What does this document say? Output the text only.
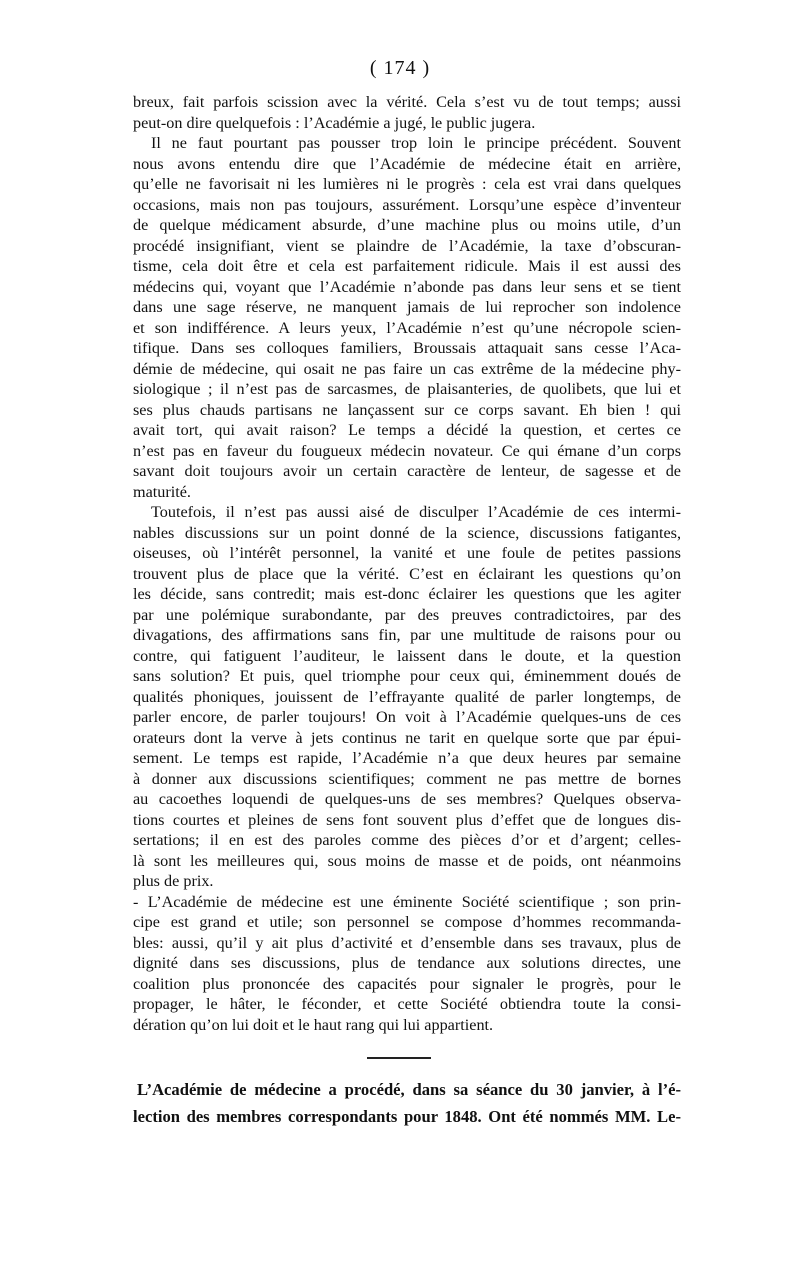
( 174 )
breux, fait parfois scission avec la vérité. Cela s’est vu de tout temps; aussi
peut-on dire quelquefois : l’Académie a jugé, le public jugera.
Il ne faut pourtant pas pousser trop loin le principe précédent. Souvent
nous avons entendu dire que l’Académie de médecine était en arrière,
qu’elle ne favorisait ni les lumières ni le progrès : cela est vrai dans quelques
occasions, mais non pas toujours, assurément. Lorsqu’une espèce d’inventeur
de quelque médicament absurde, d’une machine plus ou moins utile, d’un
procédé insignifiant, vient se plaindre de l’Académie, la taxe d’obscuran-
tisme, cela doit être et cela est parfaitement ridicule. Mais il est aussi des
médecins qui, voyant que l’Académie n’abonde pas dans leur sens et se tient
dans une sage réserve, ne manquent jamais de lui reprocher son indolence
et son indifférence. A leurs yeux, l’Académie n’est qu’une nécropole scien-
tifique. Dans ses colloques familiers, Broussais attaquait sans cesse l’Aca-
démie de médecine, qui osait ne pas faire un cas extrême de la médecine phy-
siologique ; il n’est pas de sarcasmes, de plaisanteries, de quolibets, que lui et
ses plus chauds partisans ne lançassent sur ce corps savant. Eh bien ! qui
avait tort, qui avait raison? Le temps a décidé la question, et certes ce
n’est pas en faveur du fougueux médecin novateur. Ce qui émane d’un corps
savant doit toujours avoir un certain caractère de lenteur, de sagesse et de
maturité.
Toutefois, il n’est pas aussi aisé de disculper l’Académie de ces intermi-
nables discussions sur un point donné de la science, discussions fatigantes,
oiseuses, où l’intérêt personnel, la vanité et une foule de petites passions
trouvent plus de place que la vérité. C’est en éclairant les questions qu’on
les décide, sans contredit; mais est-donc éclairer les questions que les agiter
par une polémique surabondante, par des preuves contradictoires, par des
divagations, des affirmations sans fin, par une multitude de raisons pour ou
contre, qui fatiguent l’auditeur, le laissent dans le doute, et la question
sans solution? Et puis, quel triomphe pour ceux qui, éminemment doués de
qualités phoniques, jouissent de l’effrayante qualité de parler longtemps, de
parler encore, de parler toujours! On voit à l’Académie quelques-uns de ces
orateurs dont la verve à jets continus ne tarit en quelque sorte que par épui-
sement. Le temps est rapide, l’Académie n’a que deux heures par semaine
à donner aux discussions scientifiques; comment ne pas mettre de bornes
au cacoethes loquendi de quelques-uns de ses membres? Quelques observa-
tions courtes et pleines de sens font souvent plus d’effet que de longues dis-
sertations; il en est des paroles comme des pièces d’or et d’argent; celles-
là sont les meilleures qui, sous moins de masse et de poids, ont néanmoins
plus de prix.
- L’Académie de médecine est une éminente Société scientifique ; son prin-
cipe est grand et utile; son personnel se compose d’hommes recommanda-
bles: aussi, qu’il y ait plus d’activité et d’ensemble dans ses travaux, plus de
dignité dans ses discussions, plus de tendance aux solutions directes, une
coalition plus prononcée des capacités pour signaler le progrès, pour le
propager, le hâter, le féconder, et cette Société obtiendra toute la consi-
dération qu’on lui doit et le haut rang qui lui appartient.
L’Académie de médecine a procédé, dans sa séance du 30 janvier, à l’é-
lection des membres correspondants pour 1848. Ont été nommés MM. Le-
